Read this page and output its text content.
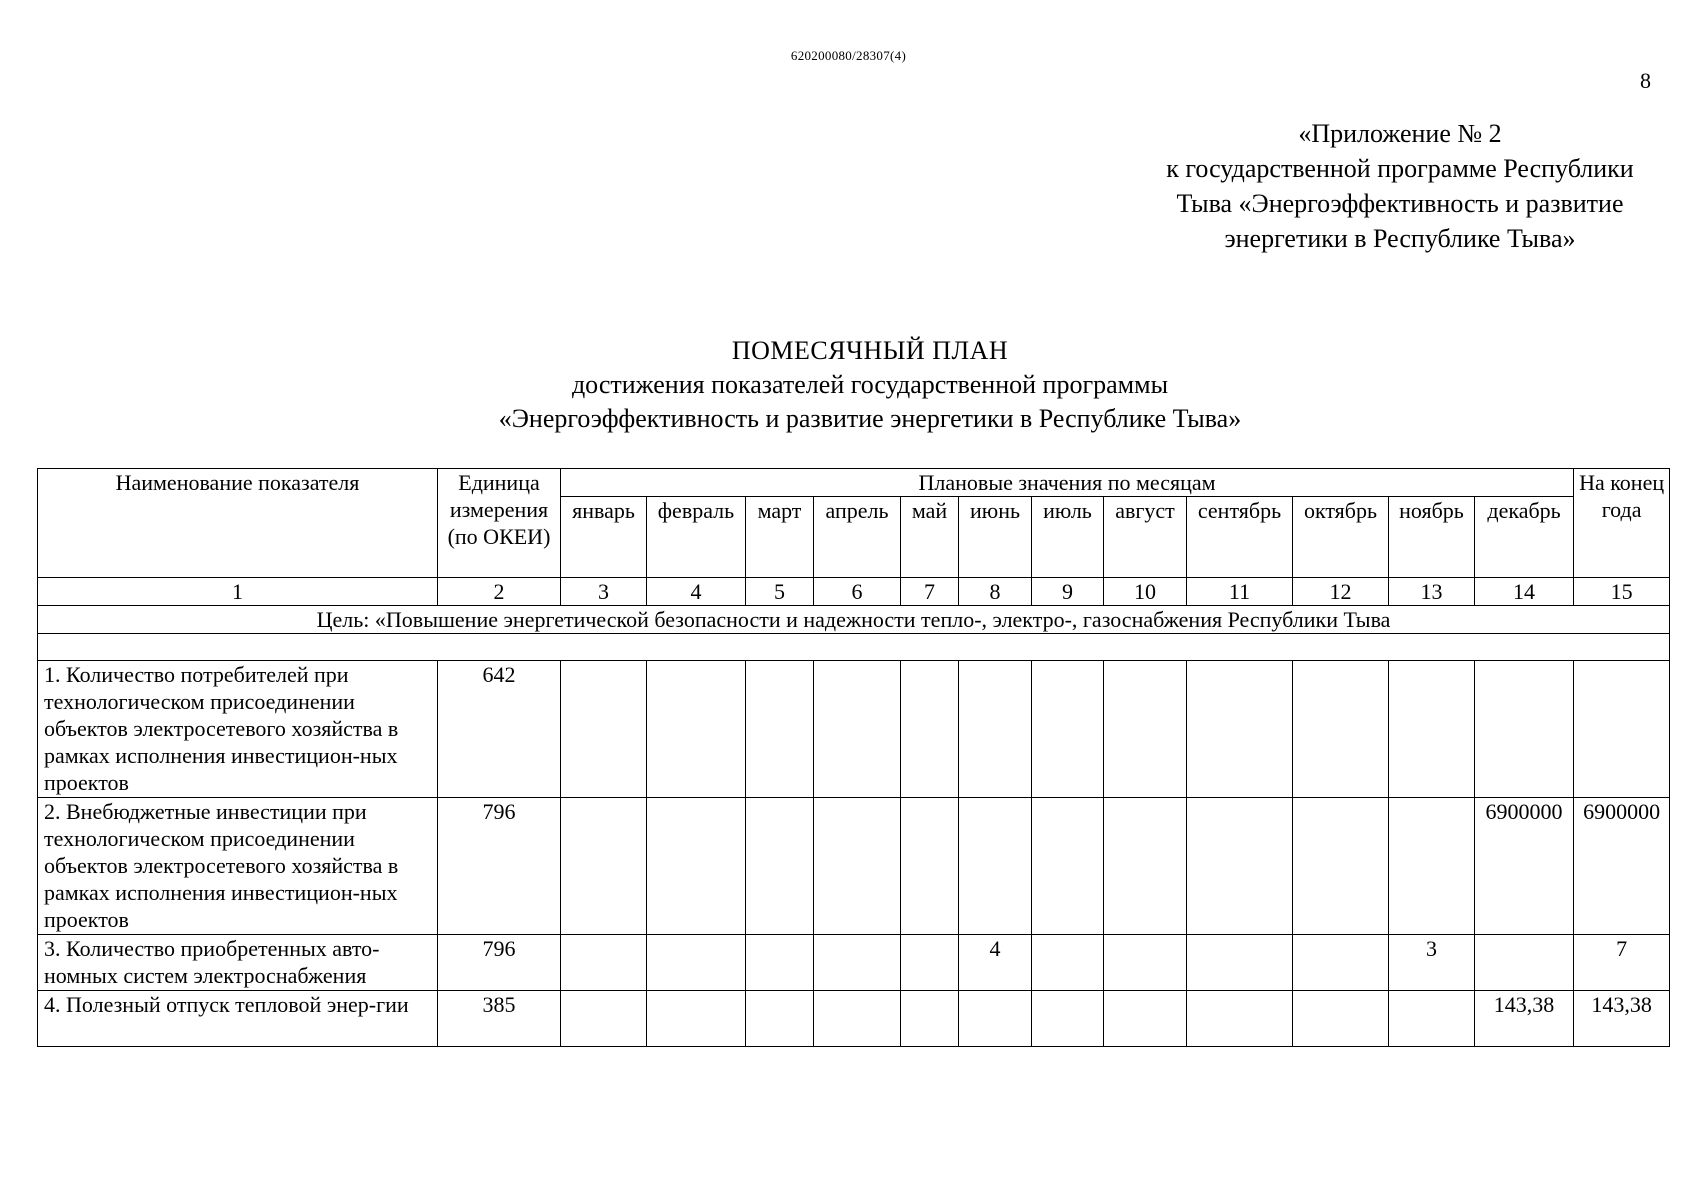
620200080/28307(4)
8
«Приложение № 2
к государственной программе Республики
Тыва «Энергоэффективность и развитие
энергетики в Республике Тыва»
ПОМЕСЯЧНЫЙ ПЛАН
достижения показателей государственной программы
«Энергоэффективность и развитие энергетики в Республике Тыва»
Наименование показателя	Единица измерения (по ОКЕИ)	Плановые значения по месяцам												На конец года
		январь	февраль	март	апрель	май	июнь	июль	август	сентябрь	октябрь	ноябрь	декабрь	
1	2	3	4	5	6	7	8	9	10	11	12	13	14	15
Цель: «Повышение энергетической безопасности и надежности тепло-, электро-, газоснабжения Республики Тыва														

1. Количество потребителей при технологическом присоединении объектов электросетевого хозяйства в рамках исполнения инвестицион-ных проектов	642													
2. Внебюджетные инвестиции при технологическом присоединении объектов электросетевого хозяйства в рамках исполнения инвестицион-ных проектов	796												6900000	6900000
3. Количество приобретенных авто-номных систем электроснабжения	796						4					3		7
4. Полезный отпуск тепловой энер-гии	385												143,38	143,38
